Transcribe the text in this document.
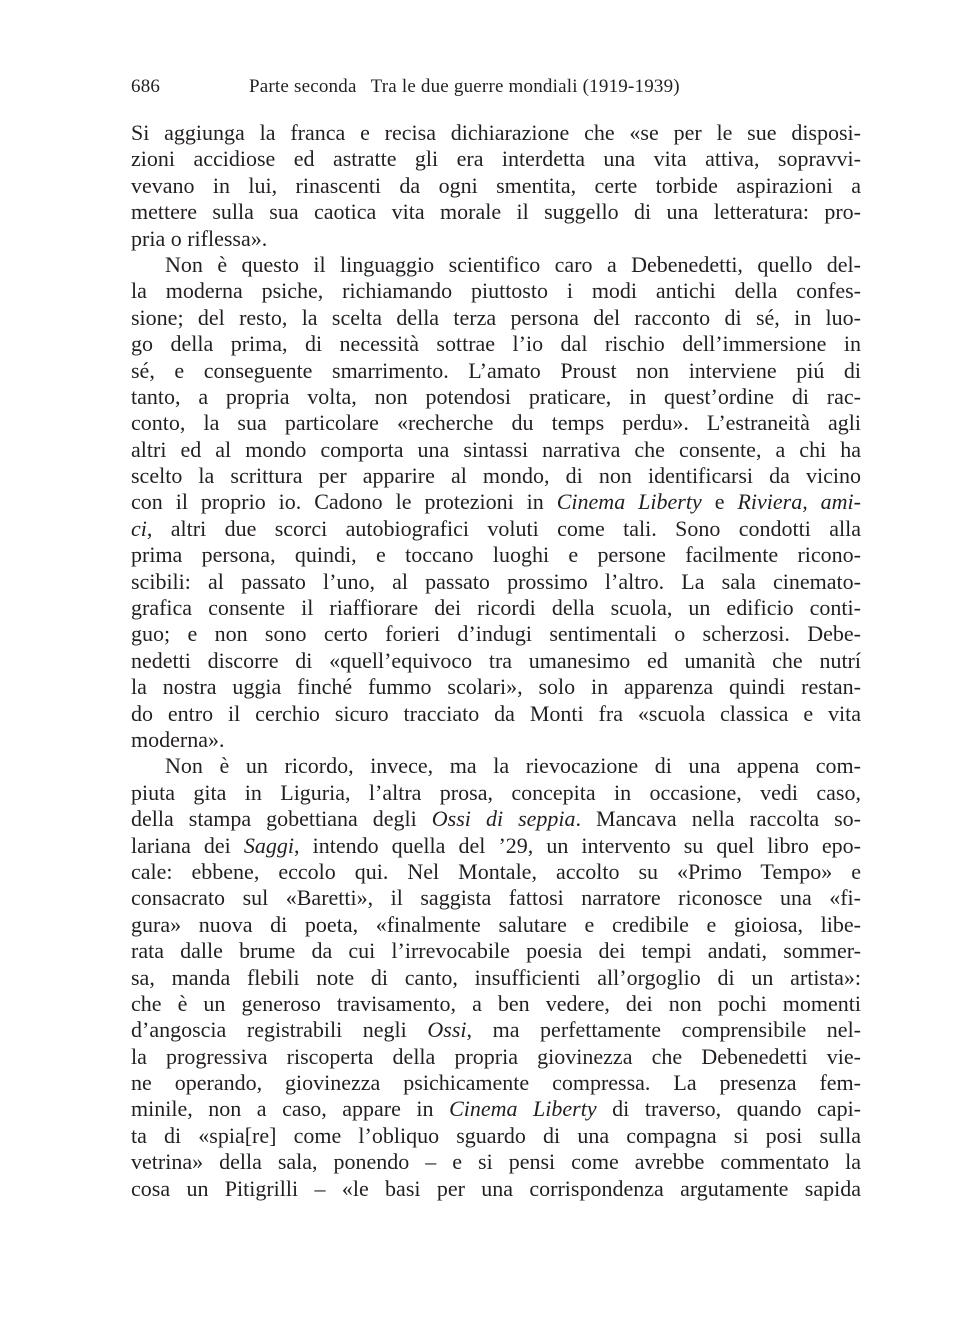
686	Parte seconda Tra le due guerre mondiali (1919-1939)
Si aggiunga la franca e recisa dichiarazione che «se per le sue disposi-
zioni accidiose ed astratte gli era interdetta una vita attiva, sopravvi-
vevano in lui, rinascenti da ogni smentita, certe torbide aspirazioni a
mettere sulla sua caotica vita morale il suggello di una letteratura: pro-
pria o riflessa».
Non è questo il linguaggio scientifico caro a Debenedetti, quello del-
la moderna psiche, richiamando piuttosto i modi antichi della confes-
sione; del resto, la scelta della terza persona del racconto di sé, in luo-
go della prima, di necessità sottrae l’io dal rischio dell’immersione in
sé, e conseguente smarrimento. L’amato Proust non interviene piú di
tanto, a propria volta, non potendosi praticare, in quest’ordine di rac-
conto, la sua particolare «recherche du temps perdu». L’estraneità agli
altri ed al mondo comporta una sintassi narrativa che consente, a chi ha
scelto la scrittura per apparire al mondo, di non identificarsi da vicino
con il proprio io. Cadono le protezioni in Cinema Liberty e Riviera, ami-
ci, altri due scorci autobiografici voluti come tali. Sono condotti alla
prima persona, quindi, e toccano luoghi e persone facilmente ricono-
scibili: al passato l’uno, al passato prossimo l’altro. La sala cinemato-
grafica consente il riaffiorare dei ricordi della scuola, un edificio conti-
guo; e non sono certo forieri d’indugi sentimentali o scherzosi. Debe-
nedetti discorre di «quell’equivoco tra umanesimo ed umanità che nutrí
la nostra uggia finché fummo scolari», solo in apparenza quindi restan-
do entro il cerchio sicuro tracciato da Monti fra «scuola classica e vita
moderna».
Non è un ricordo, invece, ma la rievocazione di una appena com-
piuta gita in Liguria, l’altra prosa, concepita in occasione, vedi caso,
della stampa gobettiana degli Ossi di seppia. Mancava nella raccolta so-
lariana dei Saggi, intendo quella del ’29, un intervento su quel libro epo-
cale: ebbene, eccolo qui. Nel Montale, accolto su «Primo Tempo» e
consacrato sul «Baretti», il saggista fattosi narratore riconosce una «fi-
gura» nuova di poeta, «finalmente salutare e credibile e gioiosa, libe-
rata dalle brume da cui l’irrevocabile poesia dei tempi andati, sommer-
sa, manda flebili note di canto, insufficienti all’orgoglio di un artista»:
che è un generoso travisamento, a ben vedere, dei non pochi momenti
d’angoscia registrabili negli Ossi, ma perfettamente comprensibile nel-
la progressiva riscoperta della propria giovinezza che Debenedetti vie-
ne operando, giovinezza psichicamente compressa. La presenza fem-
minile, non a caso, appare in Cinema Liberty di traverso, quando capi-
ta di «spia[re] come l’obliquo sguardo di una compagna si posi sulla
vetrina» della sala, ponendo – e si pensi come avrebbe commentato la
cosa un Pitigrilli – «le basi per una corrispondenza argutamente sapida
